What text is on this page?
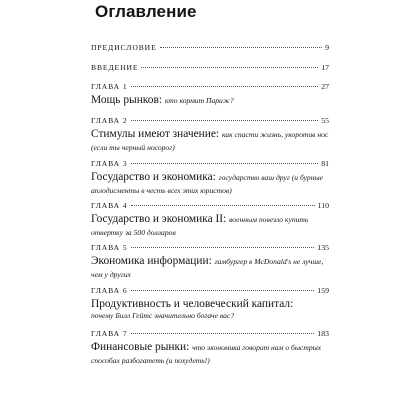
Оглавление
ПРЕДИСЛОВИЕ	9
ВВЕДЕНИЕ	17
ГЛАВА 1	27
Мощь рынков: кто кормит Париж?
ГЛАВА 2	55
Стимулы имеют значение: как спасти жизнь, укоротив нос (если ты черный носорог)
ГЛАВА 3	81
Государство и экономика: государство ваш друг (и бурные аплодисменты в честь всех этих юристов)
ГЛАВА 4	110
Государство и экономика II: военным повезло купить отвертку за 500 долларов
ГЛАВА 5	135
Экономика информации: гамбургер в McDonald's не лучше, чем у других
ГЛАВА 6	159
Продуктивность и человеческий капитал:
почему Билл Гейтс значительно богаче вас?
ГЛАВА 7	183
Финансовые рынки: что экономика говорит нам о быстрых способах разбогатеть (и похудеть!)
